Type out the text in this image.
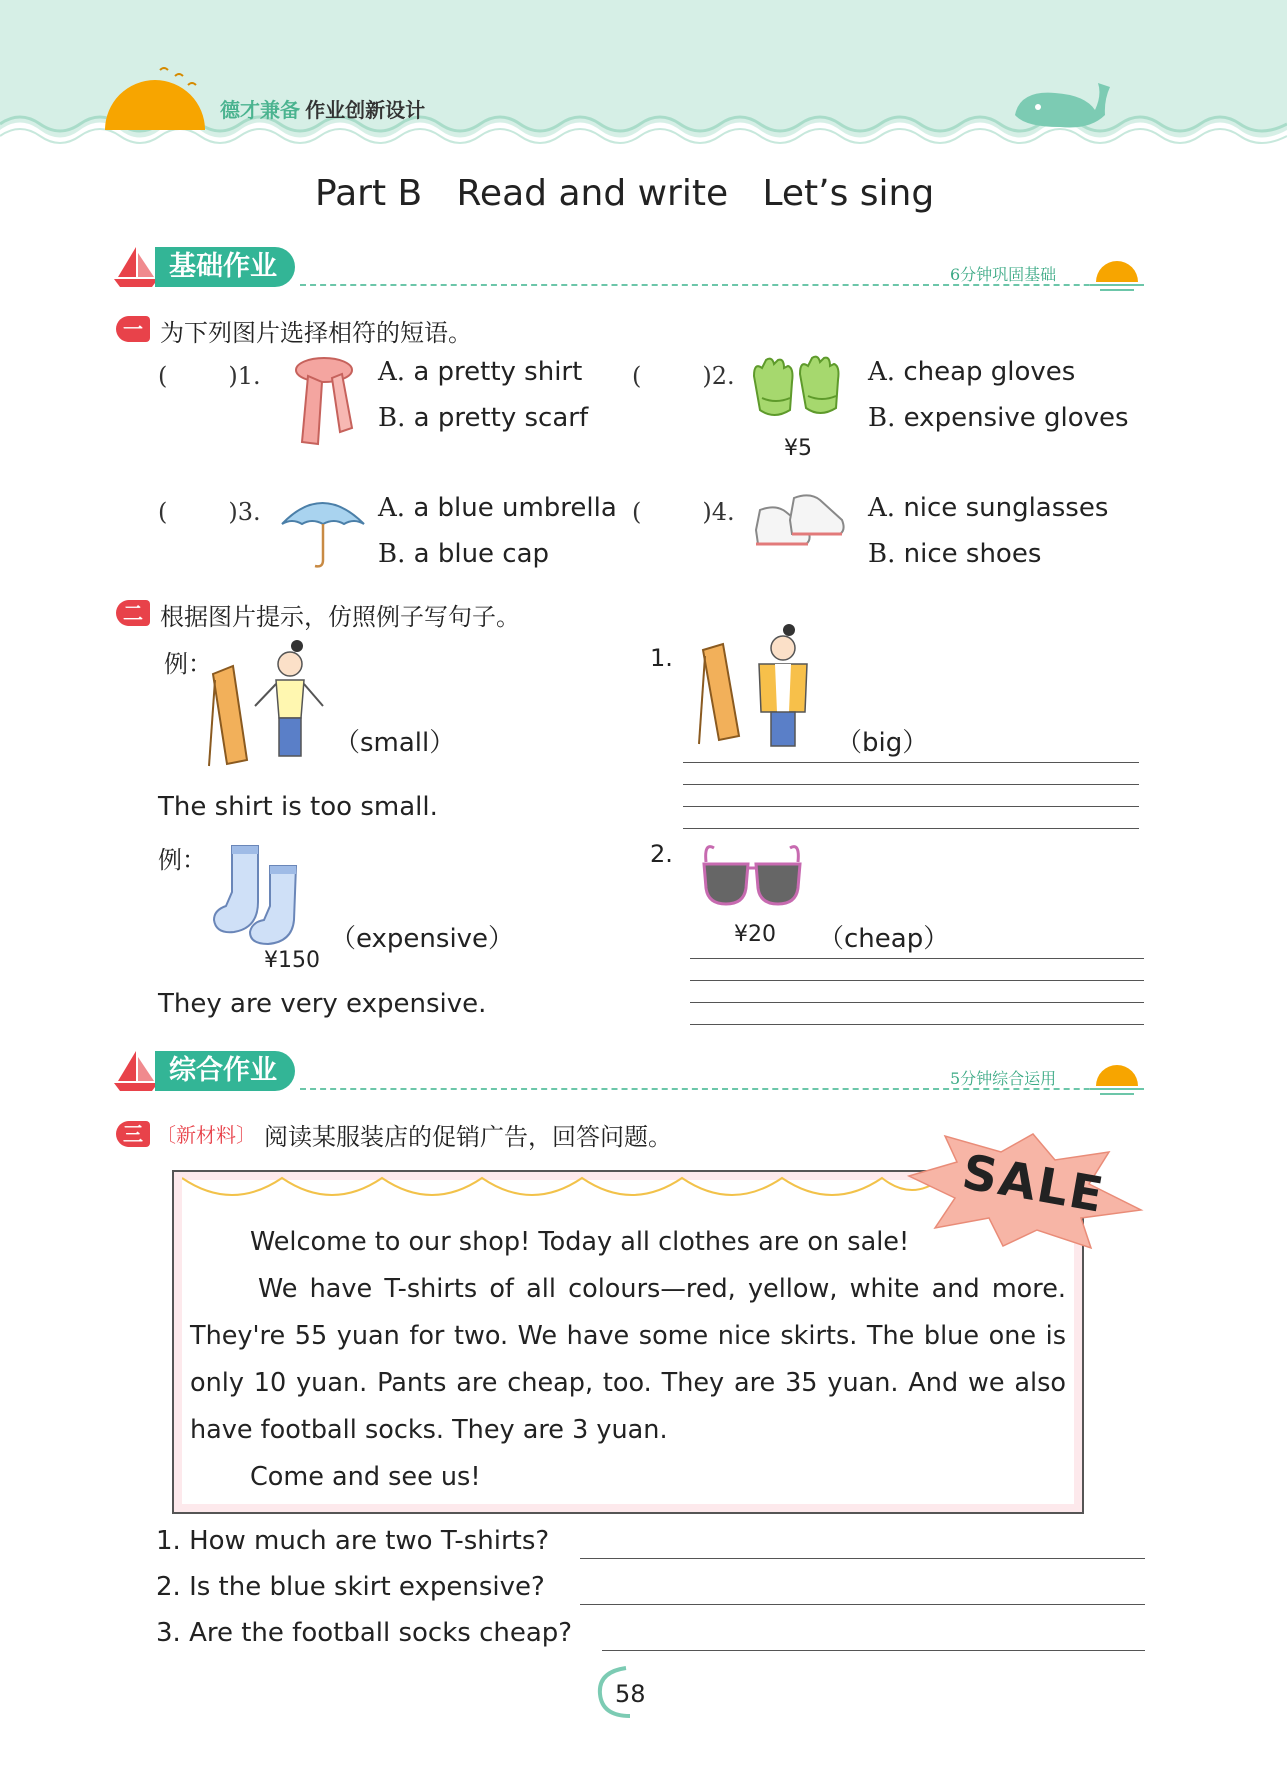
德才兼备 作业创新设计
Part B   Read and write   Let’s sing
基础作业	6分钟巩固基础
一 为下列图片选择相符的短语。
(        )1.	A. a pretty shirt
B. a pretty scarf
(        )2.
¥5
A. cheap gloves
B. expensive gloves
(        )3.	A. a blue umbrella
B. a blue cap
(        )4.	A. nice sunglasses
B. nice shoes
二 根据图片提示，仿照例子写句子。
例：
（small）
The shirt is too small.
1.
（big）
例：
¥150
（expensive）
They are very expensive.
2.
¥20 （cheap）
综合作业	5分钟综合运用
三 〔新材料〕 阅读某服装店的促销广告，回答问题。
SALE
Welcome to our shop! Today all clothes are on sale!
We have T-shirts of all colours—red, yellow, white and more. They're 55 yuan for two. We have some nice skirts. The blue one is only 10 yuan. Pants are cheap, too. They are 35 yuan. And we also have football socks. They are 3 yuan.
Come and see us!
1. How much are two T-shirts?
2. Is the blue skirt expensive?
3. Are the football socks cheap?
58
